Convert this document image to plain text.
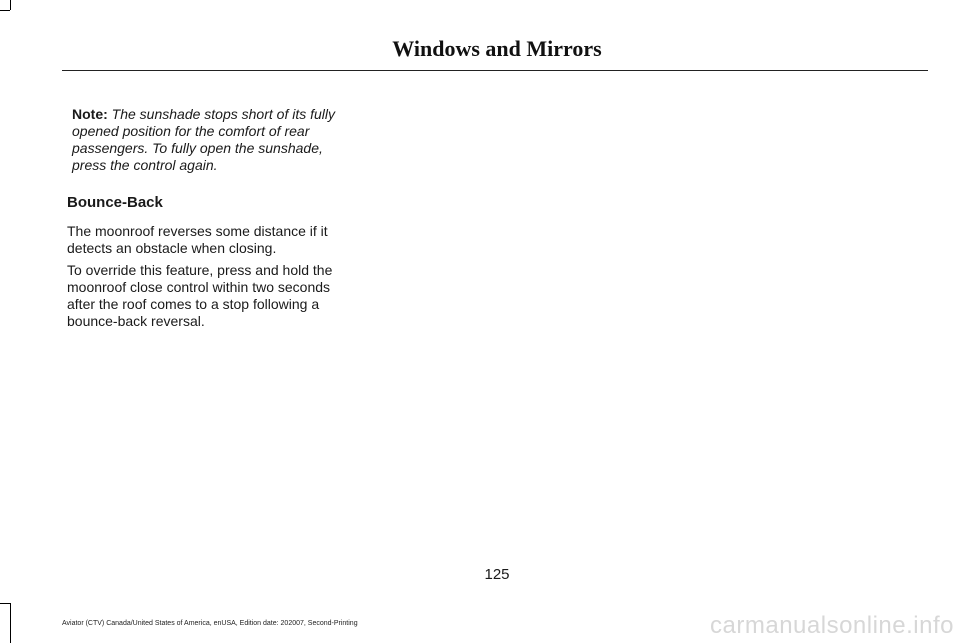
Windows and Mirrors
Note: The sunshade stops short of its fully opened position for the comfort of rear passengers. To fully open the sunshade, press the control again.
Bounce-Back

The moonroof reverses some distance if it detects an obstacle when closing.

To override this feature, press and hold the moonroof close control within two seconds after the roof comes to a stop following a bounce-back reversal.

125
Aviator (CTV) Canada/United States of America, enUSA, Edition date: 202007, Second-Printing	carmanualsonline.info
